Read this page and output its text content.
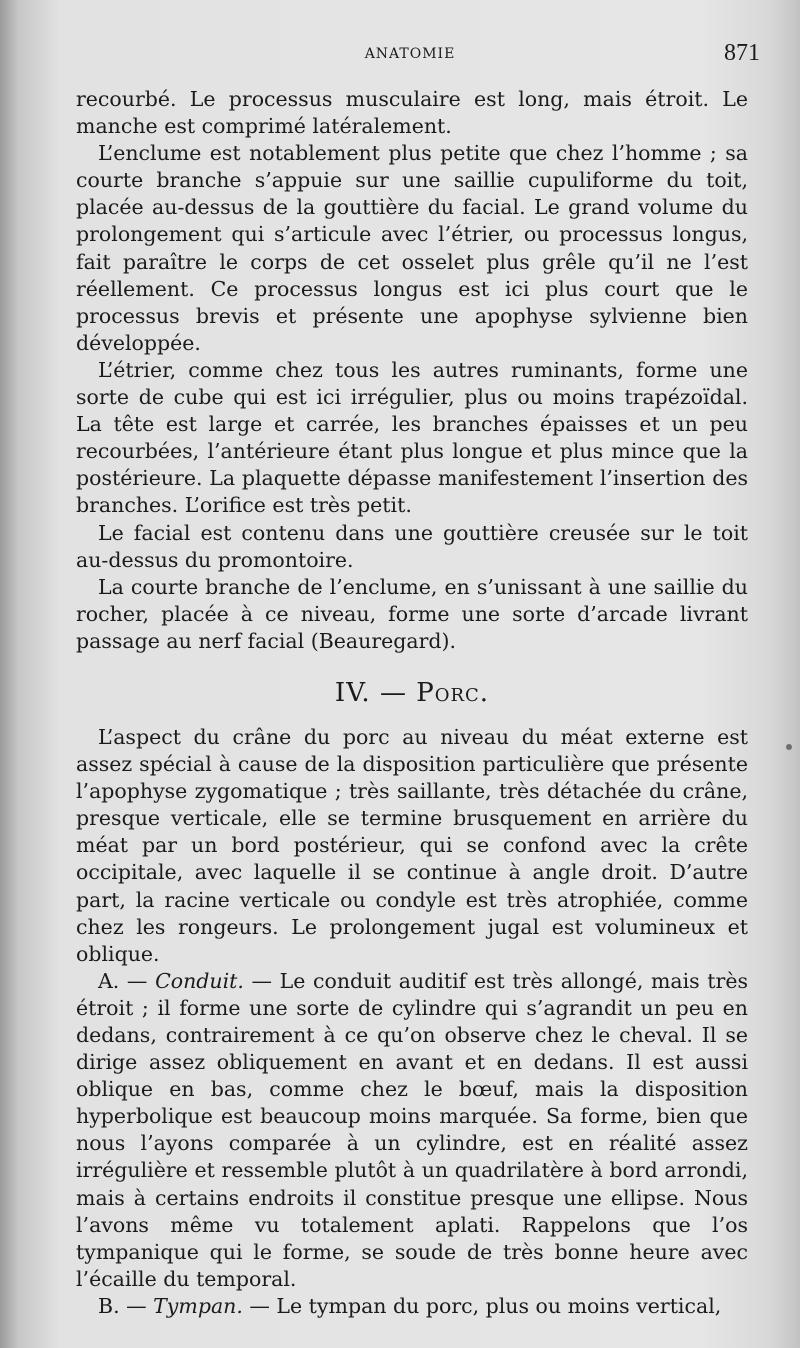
ANATOMIE	871

recourbé. Le processus musculaire est long, mais étroit. Le manche est comprimé latéralement.

L’enclume est notablement plus petite que chez l’homme ; sa courte branche s’appuie sur une saillie cupuliforme du toit, placée au-dessus de la gouttière du facial. Le grand volume du prolongement qui s’articule avec l’étrier, ou processus longus, fait paraître le corps de cet osselet plus grêle qu’il ne l’est réellement. Ce processus longus est ici plus court que le processus brevis et présente une apophyse sylvienne bien développée.

L’étrier, comme chez tous les autres ruminants, forme une sorte de cube qui est ici irrégulier, plus ou moins trapézoïdal. La tête est large et carrée, les branches épaisses et un peu recourbées, l’antérieure étant plus longue et plus mince que la postérieure. La plaquette dépasse manifestement l’insertion des branches. L’orifice est très petit.

Le facial est contenu dans une gouttière creusée sur le toit au-dessus du promontoire.

La courte branche de l’enclume, en s’unissant à une saillie du rocher, placée à ce niveau, forme une sorte d’arcade livrant passage au nerf facial (Beauregard).

IV. — Porc.

L’aspect du crâne du porc au niveau du méat externe est assez spécial à cause de la disposition particulière que présente l’apophyse zygomatique ; très saillante, très détachée du crâne, presque verticale, elle se termine brusquement en arrière du méat par un bord postérieur, qui se confond avec la crête occipitale, avec laquelle il se continue à angle droit. D’autre part, la racine verticale ou condyle est très atrophiée, comme chez les rongeurs. Le prolongement jugal est volumineux et oblique.

A. — Conduit. — Le conduit auditif est très allongé, mais très étroit ; il forme une sorte de cylindre qui s’agrandit un peu en dedans, contrairement à ce qu’on observe chez le cheval. Il se dirige assez obliquement en avant et en dedans. Il est aussi oblique en bas, comme chez le bœuf, mais la disposition hyperbolique est beaucoup moins marquée. Sa forme, bien que nous l’ayons comparée à un cylindre, est en réalité assez irrégulière et ressemble plutôt à un quadrilatère à bord arrondi, mais à certains endroits il constitue presque une ellipse. Nous l’avons même vu totalement aplati. Rappelons que l’os tympanique qui le forme, se soude de très bonne heure avec l’écaille du temporal.

B. — Tympan. — Le tympan du porc, plus ou moins vertical,
